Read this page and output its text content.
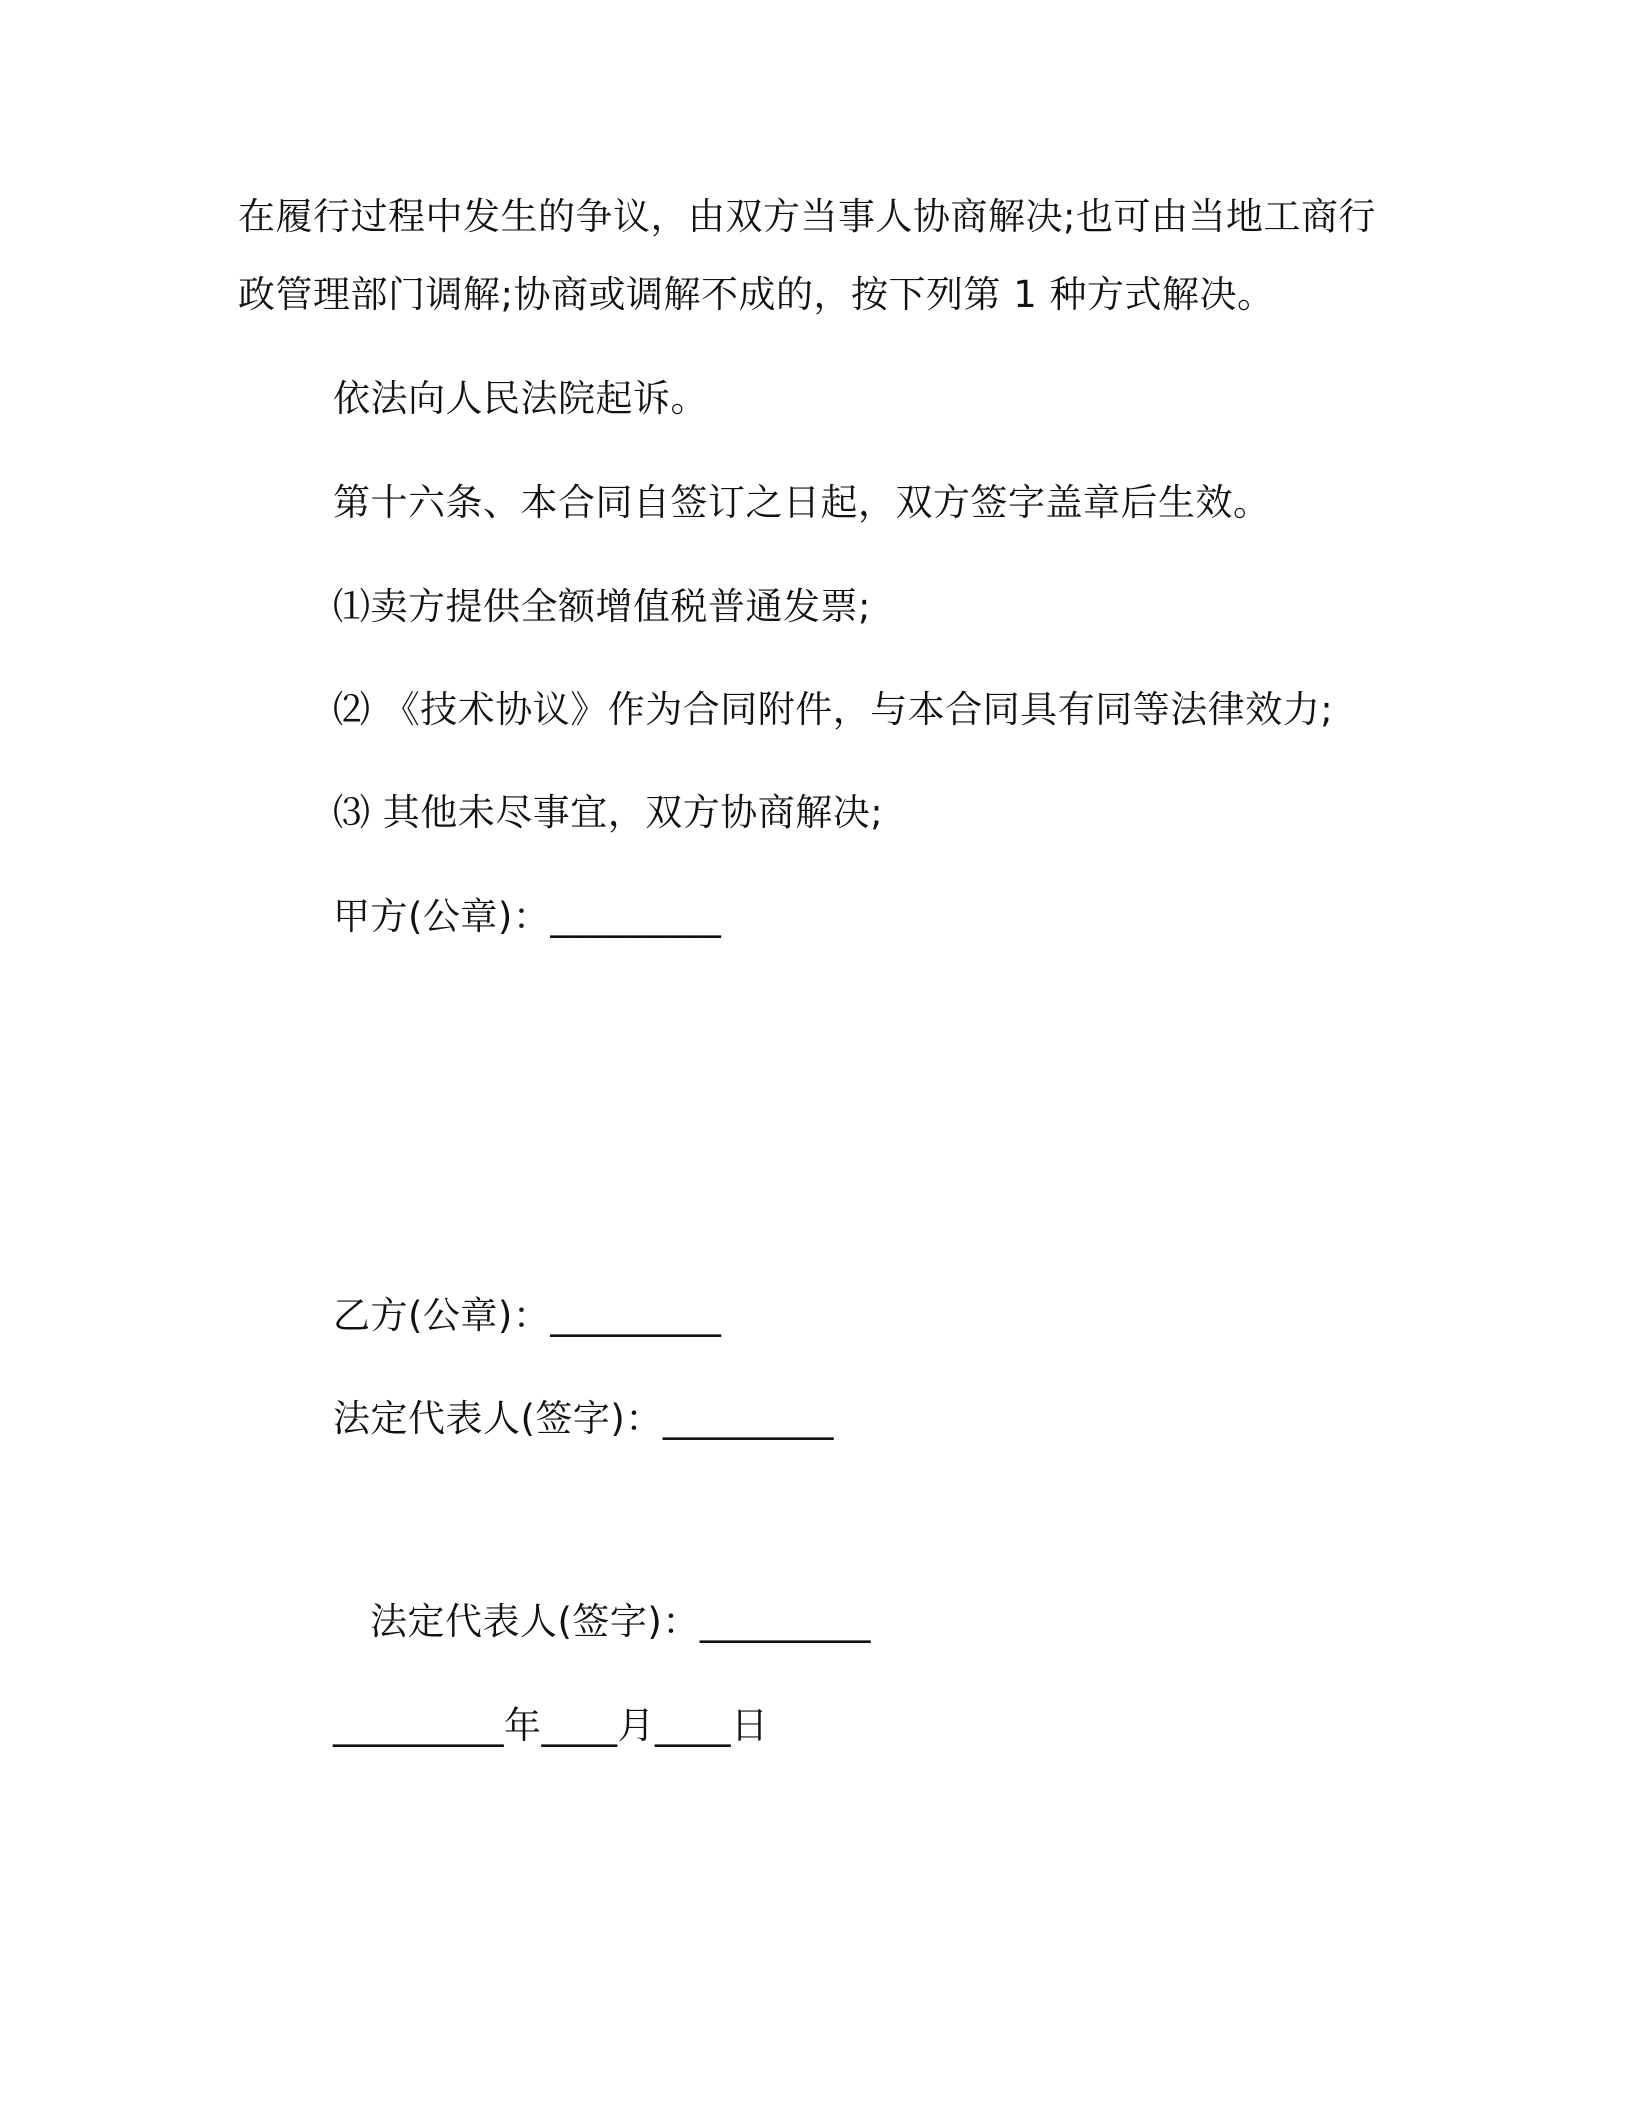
在履行过程中发生的争议，由双方当事人协商解决;也可由当地工商行
政管理部门调解;协商或调解不成的，按下列第 1 种方式解决。
依法向人民法院起诉。
第十六条、本合同自签订之日起，双方签字盖章后生效。
⑴卖方提供全额增值税普通发票;
⑵ 《技术协议》作为合同附件，与本合同具有同等法律效力;
⑶ 其他未尽事宜，双方协商解决;
甲方(公章)：_________
乙方(公章)：_________
法定代表人(签字)：_________
法定代表人(签字)：_________
_________年____月____日
